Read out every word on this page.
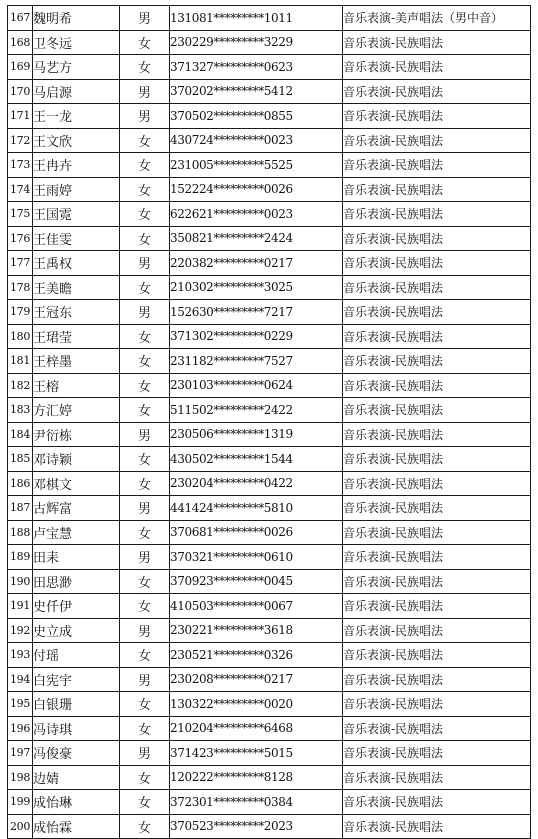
167	魏明希	男	131081*********1011	音乐表演-美声唱法（男中音）
168	卫冬远	女	230229*********3229	音乐表演-民族唱法
169	马艺方	女	371327*********0623	音乐表演-民族唱法
170	马启源	男	370202*********5412	音乐表演-民族唱法
171	王一龙	男	370502*********0855	音乐表演-民族唱法
172	王文欣	女	430724*********0023	音乐表演-民族唱法
173	王冉卉	女	231005*********5525	音乐表演-民族唱法
174	王雨婷	女	152224*********0026	音乐表演-民族唱法
175	王国霓	女	622621*********0023	音乐表演-民族唱法
176	王佳雯	女	350821*********2424	音乐表演-民族唱法
177	王禹权	男	220382*********0217	音乐表演-民族唱法
178	王美瞻	女	210302*********3025	音乐表演-民族唱法
179	王冠东	男	152630*********7217	音乐表演-民族唱法
180	王珺莹	女	371302*********0229	音乐表演-民族唱法
181	王梓墨	女	231182*********7527	音乐表演-民族唱法
182	王榕	女	230103*********0624	音乐表演-民族唱法
183	方汇婷	女	511502*********2422	音乐表演-民族唱法
184	尹衍栋	男	230506*********1319	音乐表演-民族唱法
185	邓诗颖	女	430502*********1544	音乐表演-民族唱法
186	邓棋文	女	230204*********0422	音乐表演-民族唱法
187	古辉富	男	441424*********5810	音乐表演-民族唱法
188	卢宝慧	女	370681*********0026	音乐表演-民族唱法
189	田耒	男	370321*********0610	音乐表演-民族唱法
190	田思渺	女	370923*********0045	音乐表演-民族唱法
191	史仟伊	女	410503*********0067	音乐表演-民族唱法
192	史立成	男	230221*********3618	音乐表演-民族唱法
193	付瑶	女	230521*********0326	音乐表演-民族唱法
194	白宪宇	男	230208*********0217	音乐表演-民族唱法
195	白银珊	女	130322*********0020	音乐表演-民族唱法
196	冯诗琪	女	210204*********6468	音乐表演-民族唱法
197	冯俊豪	男	371423*********5015	音乐表演-民族唱法
198	边婧	女	120222*********8128	音乐表演-民族唱法
199	成怡琳	女	372301*********0384	音乐表演-民族唱法
200	成怡霖	女	370523*********2023	音乐表演-民族唱法
